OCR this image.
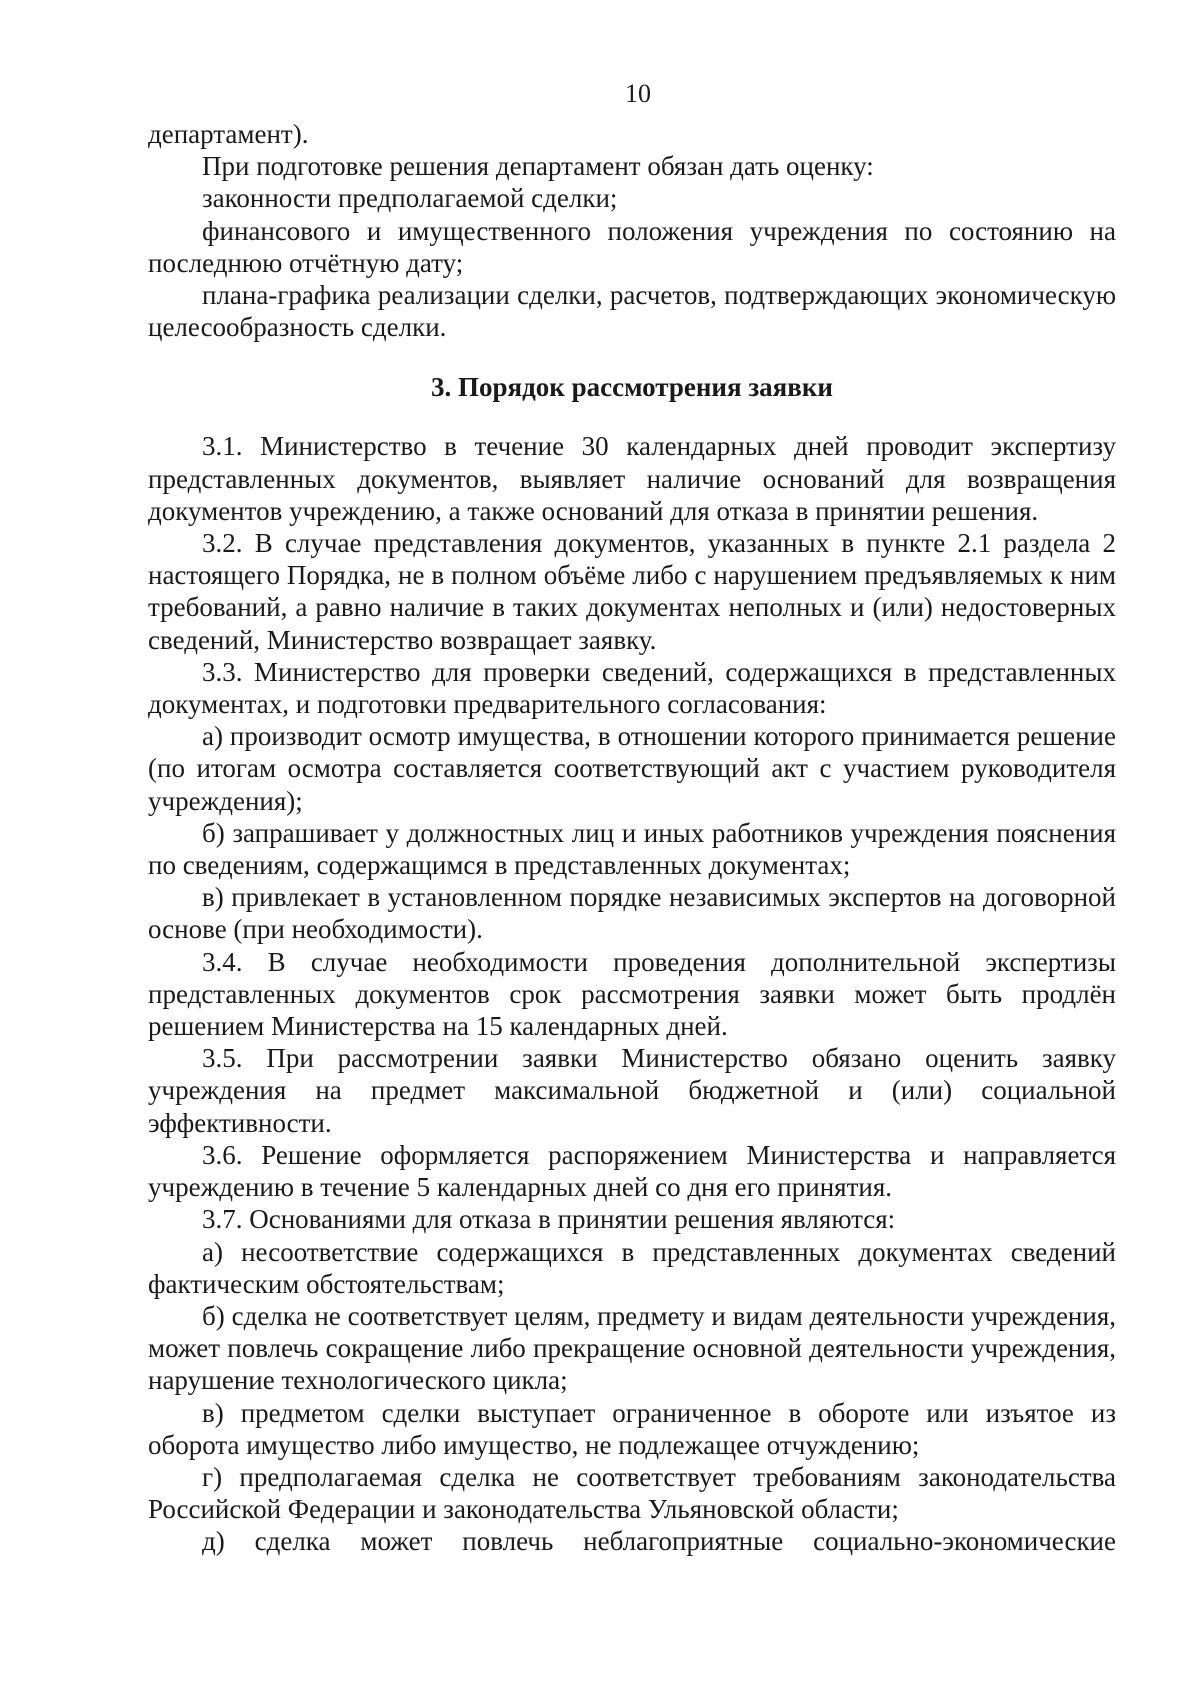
10

департамент).

При подготовке решения департамент обязан дать оценку:

законности предполагаемой сделки;

финансового и имущественного положения учреждения по состоянию на последнюю отчётную дату;

плана-графика реализации сделки, расчетов, подтверждающих экономическую целесообразность сделки.

3. Порядок рассмотрения заявки

3.1. Министерство в течение 30 календарных дней проводит экспертизу представленных документов, выявляет наличие оснований для возвращения документов учреждению, а также оснований для отказа в принятии решения.

3.2. В случае представления документов, указанных в пункте 2.1 раздела 2 настоящего Порядка, не в полном объёме либо с нарушением предъявляемых к ним требований, а равно наличие в таких документах неполных и (или) недостоверных сведений, Министерство возвращает заявку.

3.3. Министерство для проверки сведений, содержащихся в представленных документах, и подготовки предварительного согласования:

а) производит осмотр имущества, в отношении которого принимается решение (по итогам осмотра составляется соответствующий акт с участием руководителя учреждения);

б) запрашивает у должностных лиц и иных работников учреждения пояснения по сведениям, содержащимся в представленных документах;

в) привлекает в установленном порядке независимых экспертов на договорной основе (при необходимости).

3.4. В случае необходимости проведения дополнительной экспертизы представленных документов срок рассмотрения заявки может быть продлён решением Министерства на 15 календарных дней.

3.5. При рассмотрении заявки Министерство обязано оценить заявку учреждения на предмет максимальной бюджетной и (или) социальной эффективности.

3.6. Решение оформляется распоряжением Министерства и направляется учреждению в течение 5 календарных дней со дня его принятия.

3.7. Основаниями для отказа в принятии решения являются:

а) несоответствие содержащихся в представленных документах сведений фактическим обстоятельствам;

б) сделка не соответствует целям, предмету и видам деятельности учреждения, может повлечь сокращение либо прекращение основной деятельности учреждения, нарушение технологического цикла;

в) предметом сделки выступает ограниченное в обороте или изъятое из оборота имущество либо имущество, не подлежащее отчуждению;

г) предполагаемая сделка не соответствует требованиям законодательства Российской Федерации и законодательства Ульяновской области;

д) сделка может повлечь неблагоприятные социально-экономические
